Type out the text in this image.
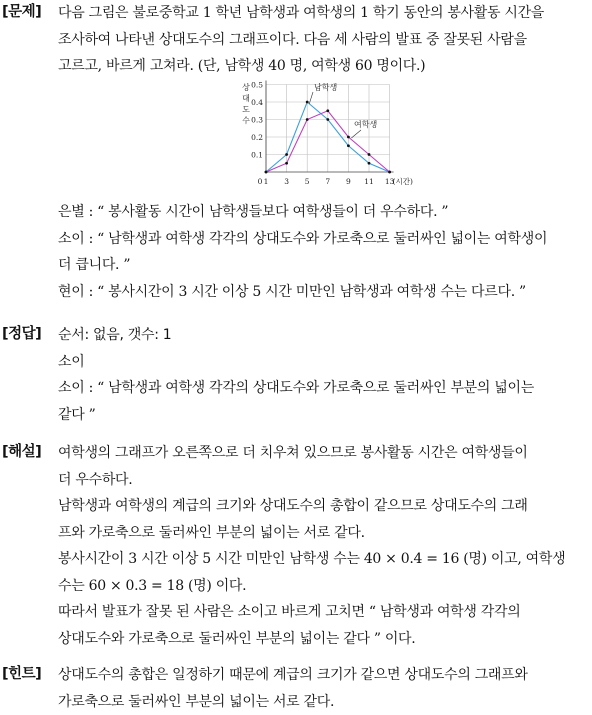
[문제] 다음 그림은 불로중학교 1 학년 남학생과 여학생의 1 학기 동안의 봉사활동 시간을

조사하여 나타낸 상대도수의 그래프이다. 다음 세 사람의 발표 중 잘못된 사람을

고르고, 바르게 고쳐라. (단, 남학생 40 명, 여학생 60 명이다.)

0.1
0.2
0.3
0.4
0.5
0 1 3 5 7 9 11 13
(시간)
상
대
도
수
남학생
여학생

은별 : “ 봉사활동 시간이 남학생들보다 여학생들이 더 우수하다. ”

소이 : “ 남학생과 여학생 각각의 상대도수와 가로축으로 둘러싸인 넓이는 여학생이

더 큽니다. ”

현이 : “ 봉사시간이 3 시간 이상 5 시간 미만인 남학생과 여학생 수는 다르다. ”

[정답] 순서: 없음, 갯수: 1

소이

소이 : “ 남학생과 여학생 각각의 상대도수와 가로축으로 둘러싸인 부분의 넓이는

같다 ”

[해설] 여학생의 그래프가 오른쪽으로 더 치우쳐 있으므로 봉사활동 시간은 여학생들이

더 우수하다.

남학생과 여학생의 계급의 크기와 상대도수의 총합이 같으므로 상대도수의 그래

프와 가로축으로 둘러싸인 부분의 넓이는 서로 같다.

봉사시간이 3 시간 이상 5 시간 미만인 남학생 수는 40 × 0.4 = 16 (명) 이고, 여학생

수는 60 × 0.3 = 18 (명) 이다.

따라서 발표가 잘못 된 사람은 소이고 바르게 고치면 “ 남학생과 여학생 각각의

상대도수와 가로축으로 둘러싸인 부분의 넓이는 같다 ” 이다.

[힌트] 상대도수의 총합은 일정하기 때문에 계급의 크기가 같으면 상대도수의 그래프와

가로축으로 둘러싸인 부분의 넓이는 서로 같다.
